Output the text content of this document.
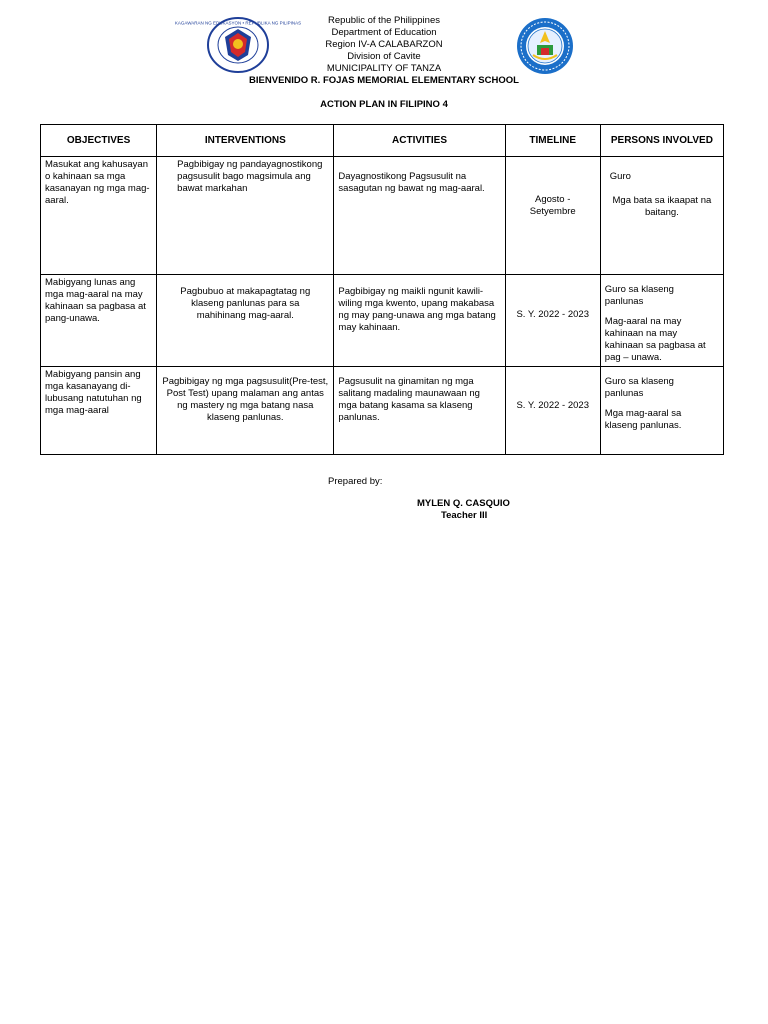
KAGAWARAN NG EDUKASYON • REPUBLIKA NG PILIPINAS	Republic of the Philippines
Department of Education
Region IV-A CALABARZON
Division of Cavite
MUNICIPALITY OF TANZA
BIENVENIDO R. FOJAS MEMORIAL ELEMENTARY SCHOOL
ACTION PLAN IN FILIPINO 4
OBJECTIVES	INTERVENTIONS	ACTIVITIES	TIMELINE	PERSONS INVOLVED

Masukat ang kahusayan o kahinaan sa mga kasanayan ng mga mag-aaral.	Pagbibigay ng pandayagnostikong pagsusulit bago magsimula ang bawat markahan	Dayagnostikong Pagsusulit na sasagutan ng bawat ng mag-aaral.	Agosto - Setyembre	Guro
Mga bata sa ikaapat na baitang.

Mabigyang lunas ang mga mag-aaral na may kahinaan sa pagbasa at pang-unawa.	Pagbubuo at makapagtatag ng klaseng panlunas para sa mahihinang mag-aaral.	Pagbibigay ng maikli ngunit kawili-wiling mga kwento, upang makabasa ng may pang-unawa ang mga batang may kahinaan.	S. Y. 2022 - 2023	Guro sa klaseng panlunas
Mag-aaral na may kahinaan na may kahinaan sa pagbasa at pag – unawa.

Mabigyang pansin ang mga kasanayang di-lubusang natutuhan ng mga mag-aaral	Pagbibigay ng mga pagsusulit(Pre-test, Post Test) upang malaman ang antas ng mastery ng mga batang nasa klaseng panlunas.	Pagsusulit na ginamitan ng mga salitang madaling maunawaan ng mga batang kasama sa klaseng panlunas.	S. Y. 2022 - 2023	Guro sa klaseng panlunas
Mga mag-aaral sa klaseng panlunas.
Prepared by:
MYLEN Q. CASQUIO
Teacher III
